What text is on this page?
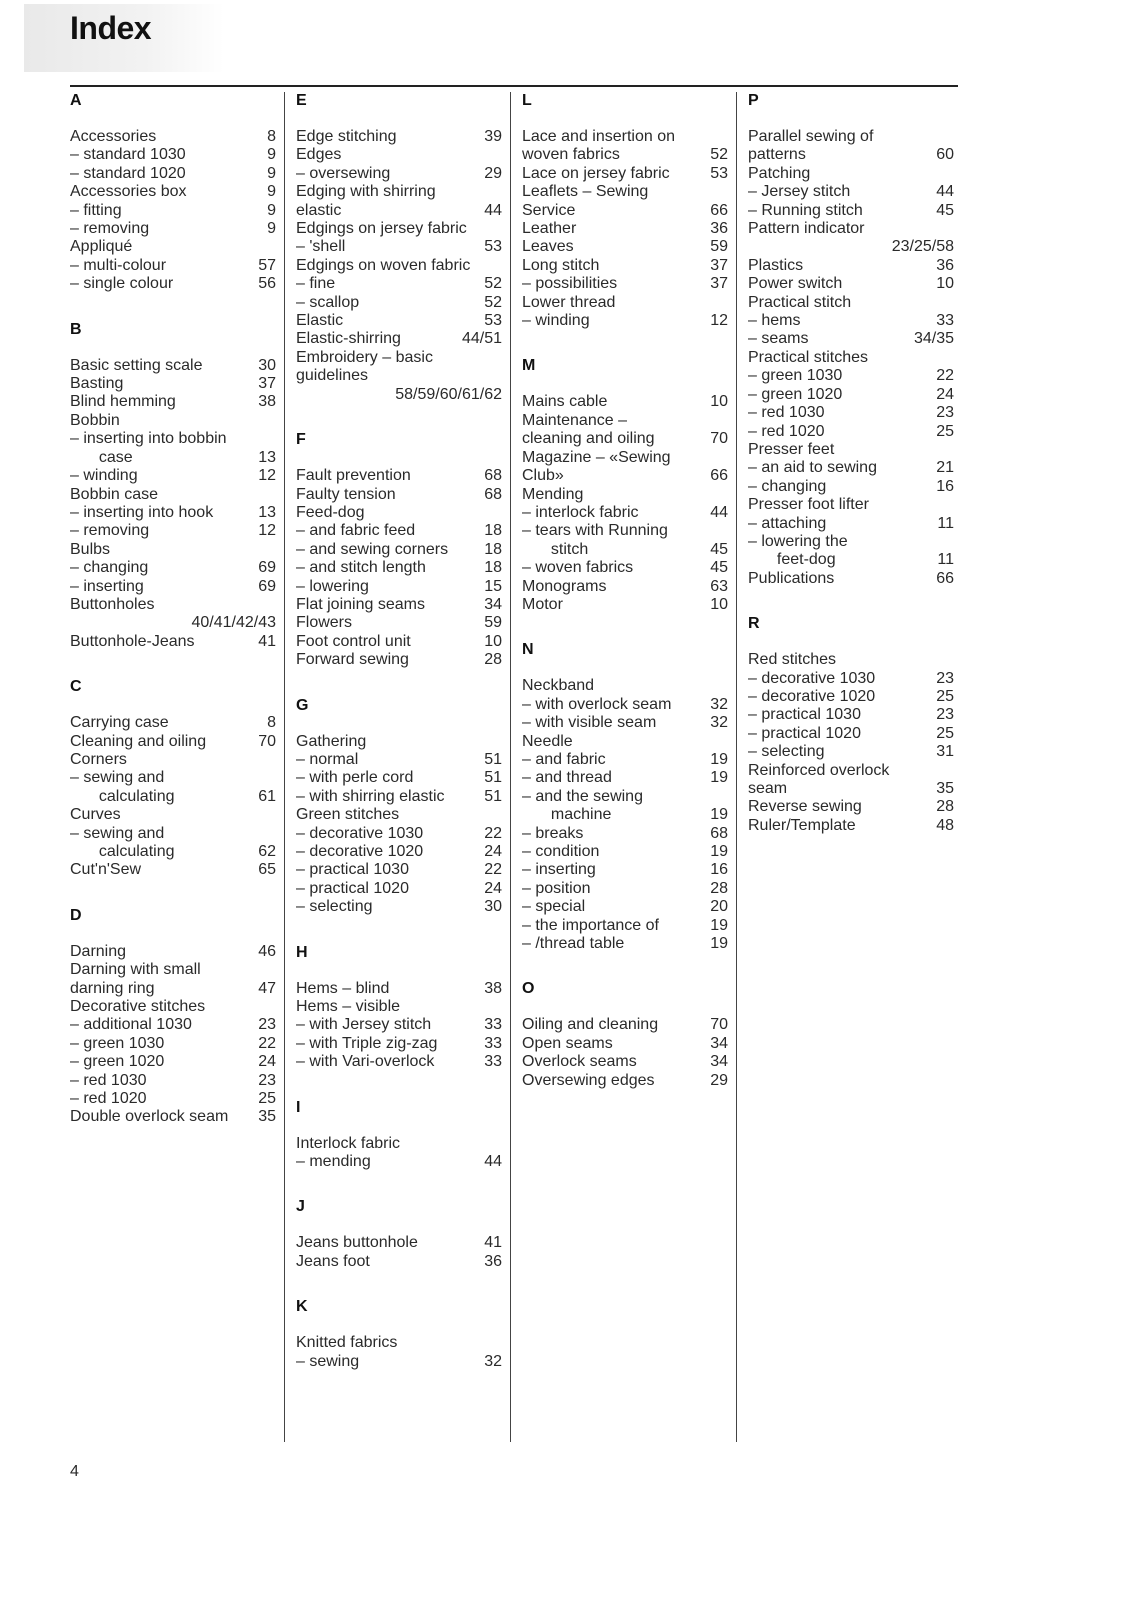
Index
A
Accessories	8
– standard 1030	9
– standard 1020	9
Accessories box	9
– fitting	9
– removing	9
Appliqué
– multi-colour	57
– single colour	56
B
Basic setting scale	30
Basting	37
Blind hemming	38
Bobbin
– inserting into bobbin
case	13
– winding	12
Bobbin case
– inserting into hook	13
– removing	12
Bulbs
– changing	69
– inserting	69
Buttonholes
40/41/42/43
Buttonhole-Jeans	41
C
Carrying case	8
Cleaning and oiling	70
Corners
– sewing and
calculating	61
Curves
– sewing and
calculating	62
Cut'n'Sew	65
D
Darning	46
Darning with small
darning ring	47
Decorative stitches
– additional 1030	23
– green 1030	22
– green 1020	24
– red 1030	23
– red 1020	25
Double overlock seam	35
E
Edge stitching	39
Edges
– oversewing	29
Edging with shirring
elastic	44
Edgings on jersey fabric
– 'shell	53
Edgings on woven fabric
– fine	52
– scallop	52
Elastic	53
Elastic-shirring	44/51
Embroidery – basic
guidelines
58/59/60/61/62
F
Fault prevention	68
Faulty tension	68
Feed-dog
– and fabric feed	18
– and sewing corners	18
– and stitch length	18
– lowering	15
Flat joining seams	34
Flowers	59
Foot control unit	10
Forward sewing	28
G
Gathering
– normal	51
– with perle cord	51
– with shirring elastic	51
Green stitches
– decorative 1030	22
– decorative 1020	24
– practical 1030	22
– practical 1020	24
– selecting	30
H
Hems – blind	38
Hems – visible
– with Jersey stitch	33
– with Triple zig-zag	33
– with Vari-overlock	33
I
Interlock fabric
– mending	44
J
Jeans buttonhole	41
Jeans foot	36
K
Knitted fabrics
– sewing	32
L
Lace and insertion on
woven fabrics	52
Lace on jersey fabric	53
Leaflets – Sewing
Service	66
Leather	36
Leaves	59
Long stitch	37
– possibilities	37
Lower thread
– winding	12
M
Mains cable	10
Maintenance –
cleaning and oiling	70
Magazine – «Sewing
Club»	66
Mending
– interlock fabric	44
– tears with Running
stitch	45
– woven fabrics	45
Monograms	63
Motor	10
N
Neckband
– with overlock seam	32
– with visible seam	32
Needle
– and fabric	19
– and thread	19
– and the sewing
machine	19
– breaks	68
– condition	19
– inserting	16
– position	28
– special	20
– the importance of	19
– /thread table	19
O
Oiling and cleaning	70
Open seams	34
Overlock seams	34
Oversewing edges	29
P
Parallel sewing of
patterns	60
Patching
– Jersey stitch	44
– Running stitch	45
Pattern indicator
23/25/58
Plastics	36
Power switch	10
Practical stitch
– hems	33
– seams	34/35
Practical stitches
– green 1030	22
– green 1020	24
– red 1030	23
– red 1020	25
Presser feet
– an aid to sewing	21
– changing	16
Presser foot lifter
– attaching	11
– lowering the
feet-dog	11
Publications	66
R
Red stitches
– decorative 1030	23
– decorative 1020	25
– practical 1030	23
– practical 1020	25
– selecting	31
Reinforced overlock
seam	35
Reverse sewing	28
Ruler/Template	48
4
